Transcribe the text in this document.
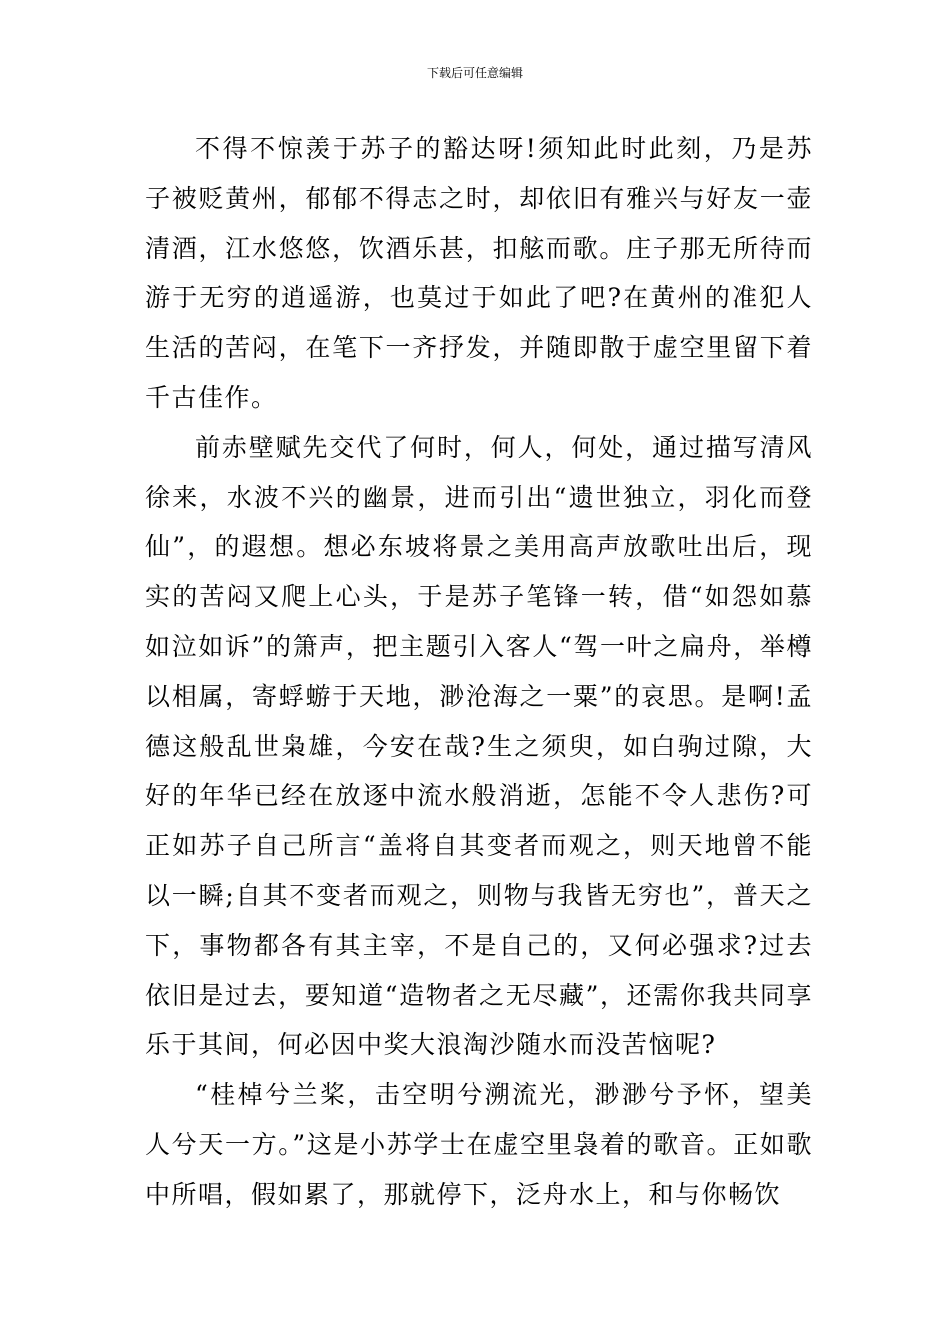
下载后可任意编辑

不得不惊羡于苏子的豁达呀!须知此时此刻，乃是苏子被贬黄州，郁郁不得志之时，却依旧有雅兴与好友一壶清酒，江水悠悠，饮酒乐甚，扣舷而歌。庄子那无所待而游于无穷的逍遥游，也莫过于如此了吧?在黄州的准犯人生活的苦闷，在笔下一齐抒发，并随即散于虚空里留下着千古佳作。

前赤壁赋先交代了何时，何人，何处，通过描写清风徐来，水波不兴的幽景，进而引出“遗世独立，羽化而登仙”，的遐想。想必东坡将景之美用高声放歌吐出后，现实的苦闷又爬上心头，于是苏子笔锋一转，借“如怨如慕如泣如诉”的箫声，把主题引入客人“驾一叶之扁舟，举樽以相属，寄蜉蝣于天地，渺沧海之一粟”的哀思。是啊!孟德这般乱世枭雄，今安在哉?生之须臾，如白驹过隙，大好的年华已经在放逐中流水般消逝，怎能不令人悲伤?可正如苏子自己所言“盖将自其变者而观之，则天地曾不能以一瞬;自其不变者而观之，则物与我皆无穷也”，普天之下，事物都各有其主宰，不是自己的，又何必强求?过去依旧是过去，要知道“造物者之无尽藏”，还需你我共同享乐于其间，何必因中奖大浪淘沙随水而没苦恼呢?

“桂棹兮兰桨，击空明兮溯流光，渺渺兮予怀，望美人兮天一方。”这是小苏学士在虚空里袅着的歌音。正如歌中所唱，假如累了，那就停下，泛舟水上，和与你畅饮
